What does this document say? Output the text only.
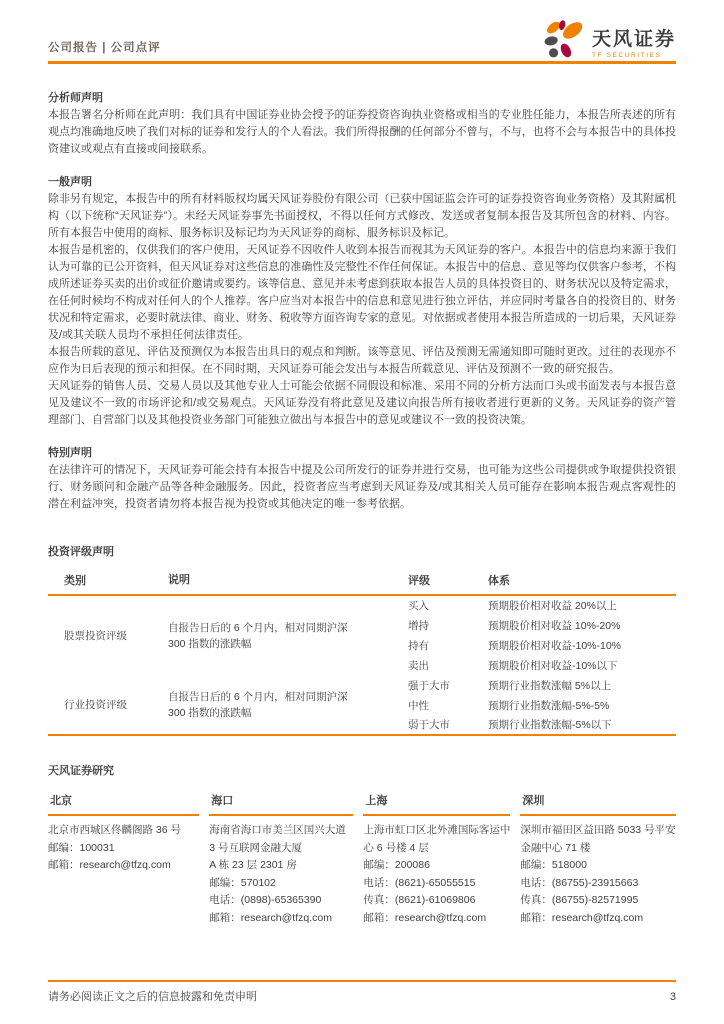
公司报告 | 公司点评	天风证券
TF SECURITIES
分析师声明

本报告署名分析师在此声明：我们具有中国证券业协会授予的证券投资咨询执业资格或相当的专业胜任能力，本报告所表述的所有观点均准确地反映了我们对标的证券和发行人的个人看法。我们所得报酬的任何部分不曾与，不与，也将不会与本报告中的具体投资建议或观点有直接或间接联系。

一般声明

除非另有规定，本报告中的所有材料版权均属天风证券股份有限公司（已获中国证监会许可的证券投资咨询业务资格）及其附属机构（以下统称“天风证券”）。未经天风证券事先书面授权，不得以任何方式修改、发送或者复制本报告及其所包含的材料、内容。所有本报告中使用的商标、服务标识及标记均为天风证券的商标、服务标识及标记。

本报告是机密的，仅供我们的客户使用，天风证券不因收件人收到本报告而视其为天风证券的客户。本报告中的信息均来源于我们认为可靠的已公开资料，但天风证券对这些信息的准确性及完整性不作任何保证。本报告中的信息、意见等均仅供客户参考，不构成所述证券买卖的出价或征价邀请或要约。该等信息、意见并未考虑到获取本报告人员的具体投资目的、财务状况以及特定需求，在任何时候均不构成对任何人的个人推荐。客户应当对本报告中的信息和意见进行独立评估，并应同时考量各自的投资目的、财务状况和特定需求，必要时就法律、商业、财务、税收等方面咨询专家的意见。对依据或者使用本报告所造成的一切后果，天风证券及/或其关联人员均不承担任何法律责任。

本报告所载的意见、评估及预测仅为本报告出具日的观点和判断。该等意见、评估及预测无需通知即可随时更改。过往的表现亦不应作为日后表现的预示和担保。在不同时期，天风证券可能会发出与本报告所载意见、评估及预测不一致的研究报告。

天风证券的销售人员、交易人员以及其他专业人士可能会依据不同假设和标准、采用不同的分析方法而口头或书面发表与本报告意见及建议不一致的市场评论和/或交易观点。天风证券没有将此意见及建议向报告所有接收者进行更新的义务。天风证券的资产管理部门、自营部门以及其他投资业务部门可能独立做出与本报告中的意见或建议不一致的投资决策。

特别声明

在法律许可的情况下，天风证券可能会持有本报告中提及公司所发行的证券并进行交易，也可能为这些公司提供或争取提供投资银行、财务顾问和金融产品等各种金融服务。因此，投资者应当考虑到天风证券及/或其相关人员可能存在影响本报告观点客观性的潜在利益冲突，投资者请勿将本报告视为投资或其他决定的唯一参考依据。

投资评级声明
类别	说明	评级	体系
股票投资评级	自报告日后的 6 个月内，相对同期沪深 300 指数的涨跌幅	买入	预期股价相对收益 20%以上
		增持	预期股价相对收益 10%-20%
		持有	预期股价相对收益-10%-10%
		卖出	预期股价相对收益-10%以下
行业投资评级	自报告日后的 6 个月内，相对同期沪深 300 指数的涨跌幅	强于大市	预期行业指数涨幅 5%以上
		中性	预期行业指数涨幅-5%-5%
		弱于大市	预期行业指数涨幅-5%以下
天风证券研究
北京
北京市西城区佟麟阁路 36 号
邮编：100031
邮箱：research@tfzq.com
海口
海南省海口市美兰区国兴大道 3 号互联网金融大厦
A 栋 23 层 2301 房
邮编：570102
电话：(0898)-65365390
邮箱：research@tfzq.com
上海
上海市虹口区北外滩国际客运中心 6 号楼 4 层
邮编：200086
电话：(8621)-65055515
传真：(8621)-61069806
邮箱：research@tfzq.com
深圳
深圳市福田区益田路 5033 号平安金融中心 71 楼
邮编：518000
电话：(86755)-23915663
传真：(86755)-82571995
邮箱：research@tfzq.com
请务必阅读正文之后的信息披露和免责申明	3
